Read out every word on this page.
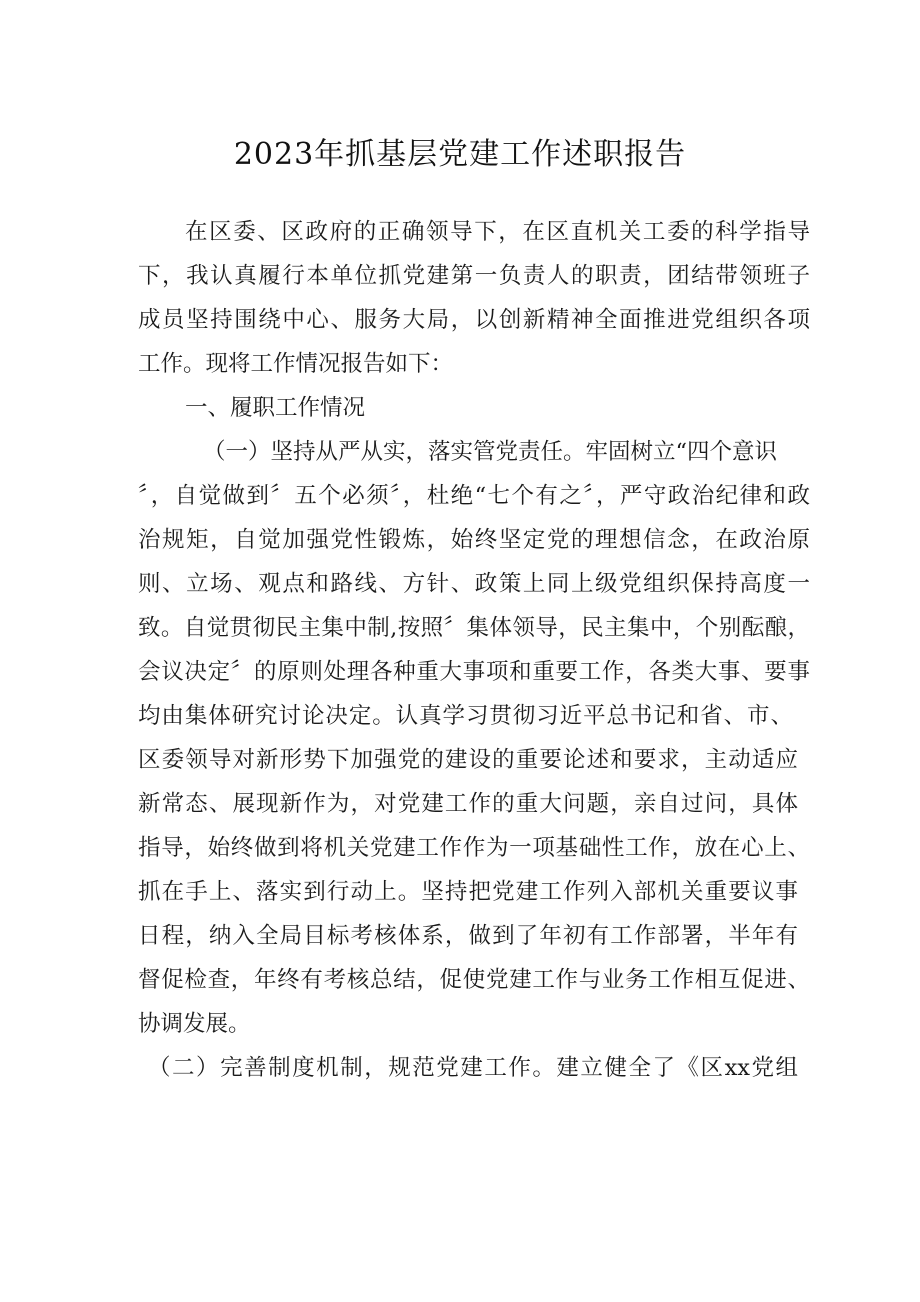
2023年抓基层党建工作述职报告
在区委、区政府的正确领导下，在区直机关工委的科学指导
下，我认真履行本单位抓党建第一负责人的职责，团结带领班子
成员坚持围绕中心、服务大局，以创新精神全面推进党组织各项
工作。现将工作情况报告如下：
一、履职工作情况
（一）坚持从严从实，落实管党责任。牢固树立“四个意识
〞，自觉做到〞五个必须〞，杜绝“七个有之〞，严守政治纪律和政
治规矩，自觉加强党性锻炼，始终坚定党的理想信念，在政治原
则、立场、观点和路线、方针、政策上同上级党组织保持高度一
致。自觉贯彻民主集中制,按照〞集体领导，民主集中，个别酝酿，
会议决定〞的原则处理各种重大事项和重要工作，各类大事、要事
均由集体研究讨论决定。认真学习贯彻习近平总书记和省、市、
区委领导对新形势下加强党的建设的重要论述和要求，主动适应
新常态、展现新作为，对党建工作的重大问题，亲自过问，具体
指导，始终做到将机关党建工作作为一项基础性工作，放在心上、
抓在手上、落实到行动上。坚持把党建工作列入部机关重要议事
日程，纳入全局目标考核体系，做到了年初有工作部署，半年有
督促检查，年终有考核总结，促使党建工作与业务工作相互促进、
协调发展。
（二）完善制度机制，规范党建工作。建立健全了《区xx党组
